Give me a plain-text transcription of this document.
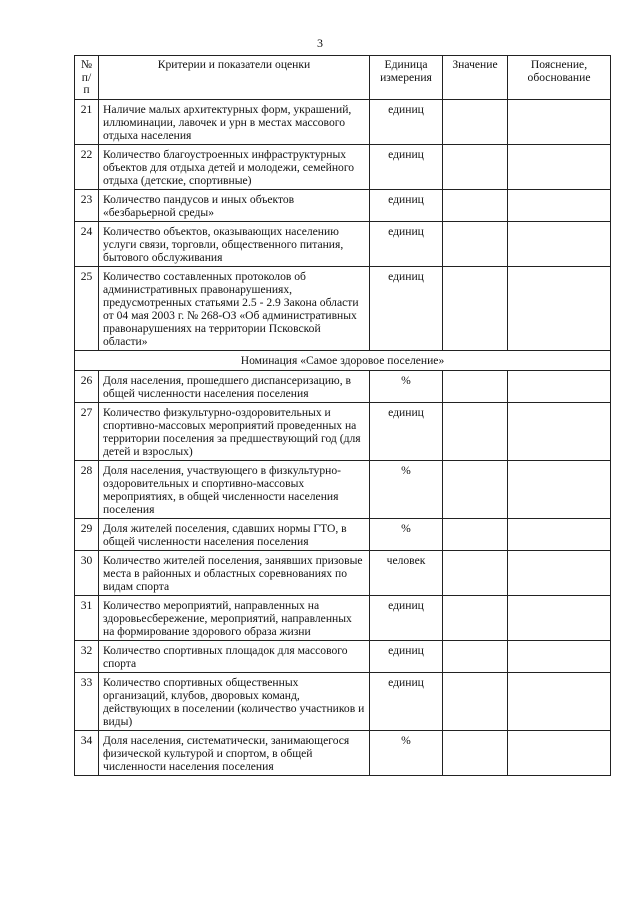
3
№ п/п	Критерии и показатели оценки	Единица измерения	Значение	Пояснение, обоснование
21	Наличие малых архитектурных форм, украшений, иллюминации, лавочек и урн в местах массового отдыха населения	единиц		
22	Количество благоустроенных инфраструктурных объектов для отдыха детей и молодежи, семейного отдыха (детские, спортивные)	единиц		
23	Количество пандусов и иных объектов «безбарьерной среды»	единиц		
24	Количество объектов, оказывающих населению услуги связи, торговли, общественного питания, бытового обслуживания	единиц		
25	Количество составленных протоколов об административных правонарушениях, предусмотренных статьями 2.5 - 2.9 Закона области от 04 мая 2003 г. № 268-ОЗ «Об административных правонарушениях на территории Псковской области»	единиц		
Номинация «Самое здоровое поселение»				
26	Доля населения, прошедшего диспансеризацию, в общей численности населения поселения	%		
27	Количество физкультурно-оздоровительных и спортивно-массовых мероприятий проведенных на территории поселения за предшествующий год (для детей и взрослых)	единиц		
28	Доля населения, участвующего в физкультурно-оздоровительных и спортивно-массовых мероприятиях, в общей численности населения поселения	%		
29	Доля жителей поселения, сдавших нормы ГТО, в общей численности населения поселения	%		
30	Количество жителей поселения, занявших призовые места в районных и областных соревнованиях по видам спорта	человек		
31	Количество мероприятий, направленных на здоровьесбережение, мероприятий, направленных на формирование здорового образа жизни	единиц		
32	Количество спортивных площадок для массового спорта	единиц		
33	Количество спортивных общественных организаций, клубов, дворовых команд, действующих в поселении (количество участников и виды)	единиц		
34	Доля населения, систематически, занимающегося физической культурой и спортом, в общей численности населения поселения	%		
